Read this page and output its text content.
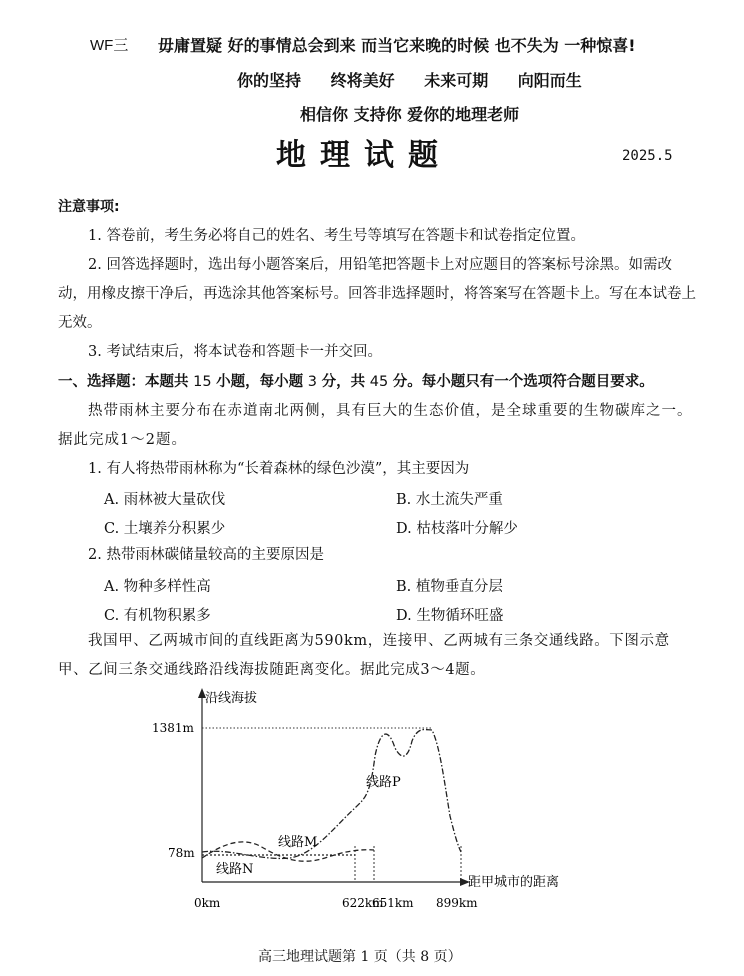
WF三 毋庸置疑 好的事情总会到来 而当它来晚的时候 也不失为 一种惊喜!
你的坚持 终将美好 未来可期 向阳而生
相信你 支持你 爱你的地理老师
地理试题	2025.5
注意事项:
1. 答卷前，考生务必将自己的姓名、考生号等填写在答题卡和试卷指定位置。
2. 回答选择题时，选出每小题答案后，用铅笔把答题卡上对应题目的答案标号涂黑。如需改动，用橡皮擦干净后，再选涂其他答案标号。回答非选择题时，将答案写在答题卡上。写在本试卷上无效。
3. 考试结束后，将本试卷和答题卡一并交回。
一、选择题：本题共 15 小题，每小题 3 分，共 45 分。每小题只有一个选项符合题目要求。
热带雨林主要分布在赤道南北两侧，具有巨大的生态价值，是全球重要的生物碳库之一。据此完成1～2题。
1. 有人将热带雨林称为“长着森林的绿色沙漠”，其主要因为
A. 雨林被大量砍伐	B. 水土流失严重
C. 土壤养分积累少	D. 枯枝落叶分解少
2. 热带雨林碳储量较高的主要原因是
A. 物种多样性高	B. 植物垂直分层
C. 有机物积累多	D. 生物循环旺盛
我国甲、乙两城市间的直线距离为590km，连接甲、乙两城有三条交通线路。下图示意甲、乙间三条交通线路沿线海拔随距离变化。据此完成3～4题。
沿线海拔
距甲城市的距离
1381m
78m
0km	622km
651km 899km
线路M
线路N
线路P
高三地理试题第 1 页（共 8 页）
